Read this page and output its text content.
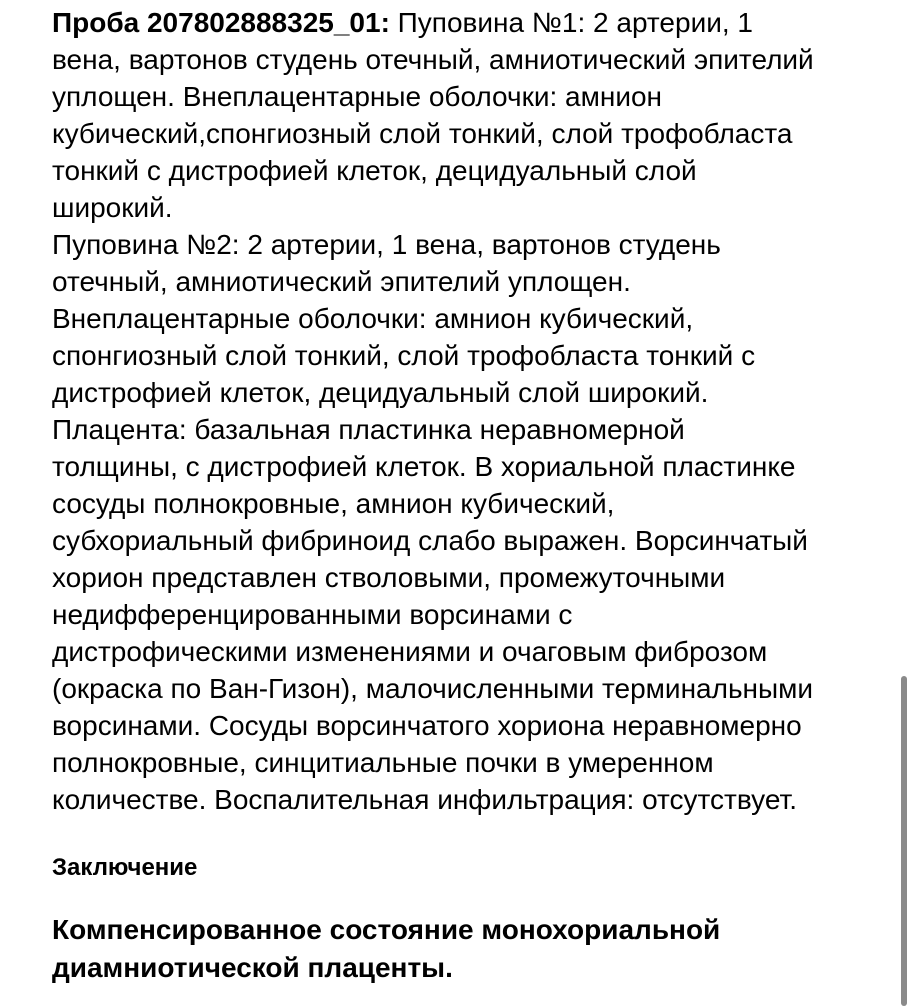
Проба 207802888325_01: Пуповина №1: 2 артерии, 1
вена, вартонов студень отечный, амниотический эпителий
уплощен. Внеплацентарные оболочки: амнион
кубический,спонгиозный слой тонкий, слой трофобласта
тонкий с дистрофией клеток, децидуальный слой
широкий.
Пуповина №2: 2 артерии, 1 вена, вартонов студень
отечный, амниотический эпителий уплощен.
Внеплацентарные оболочки: амнион кубический,
спонгиозный слой тонкий, слой трофобласта тонкий с
дистрофией клеток, децидуальный слой широкий.
Плацента: базальная пластинка неравномерной
толщины, с дистрофией клеток. В хориальной пластинке
сосуды полнокровные, амнион кубический,
субхориальный фибриноид слабо выражен. Ворсинчатый
хорион представлен стволовыми, промежуточными
недифференцированными ворсинами с
дистрофическими изменениями и очаговым фиброзом
(окраска по Ван-Гизон), малочисленными терминальными
ворсинами. Сосуды ворсинчатого хориона неравномерно
полнокровные, синцитиальные почки в умеренном
количестве. Воспалительная инфильтрация: отсутствует.
Заключение
Компенсированное состояние монохориальной
диамниотической плаценты.
